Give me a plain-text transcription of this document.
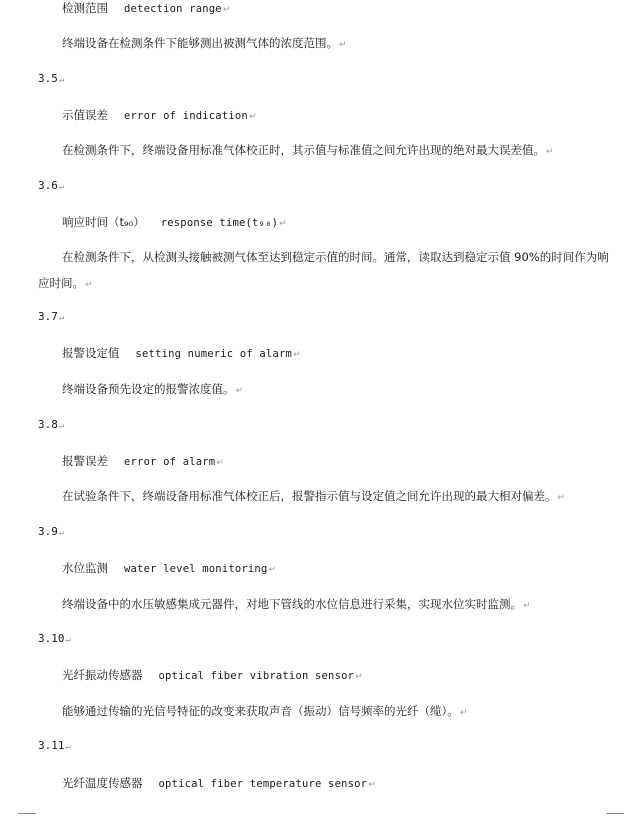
检测范围 detection range↵
终端设备在检测条件下能够测出被测气体的浓度范围。↵
3.5↵
示值误差 error of indication↵
在检测条件下，终端设备用标准气体校正时，其示值与标准值之间允许出现的绝对最大误差值。↵
3.6↵
响应时间（t₉₀） response time(t₉₀)↵
在检测条件下，从检测头接触被测气体至达到稳定示值的时间。通常，读取达到稳定示值 90%的时间作为响应时间。↵
3.7↵
报警设定值 setting numeric of alarm↵
终端设备预先设定的报警浓度值。↵
3.8↵
报警误差 error of alarm↵
在试验条件下，终端设备用标准气体校正后，报警指示值与设定值之间允许出现的最大相对偏差。↵
3.9↵
水位监测 water level monitoring↵
终端设备中的水压敏感集成元器件，对地下管线的水位信息进行采集，实现水位实时监测。↵
3.10↵
光纤振动传感器 optical fiber vibration sensor↵
能够通过传输的光信号特征的改变来获取声音（振动）信号频率的光纤（缆）。↵
3.11↵
光纤温度传感器 optical fiber temperature sensor↵
